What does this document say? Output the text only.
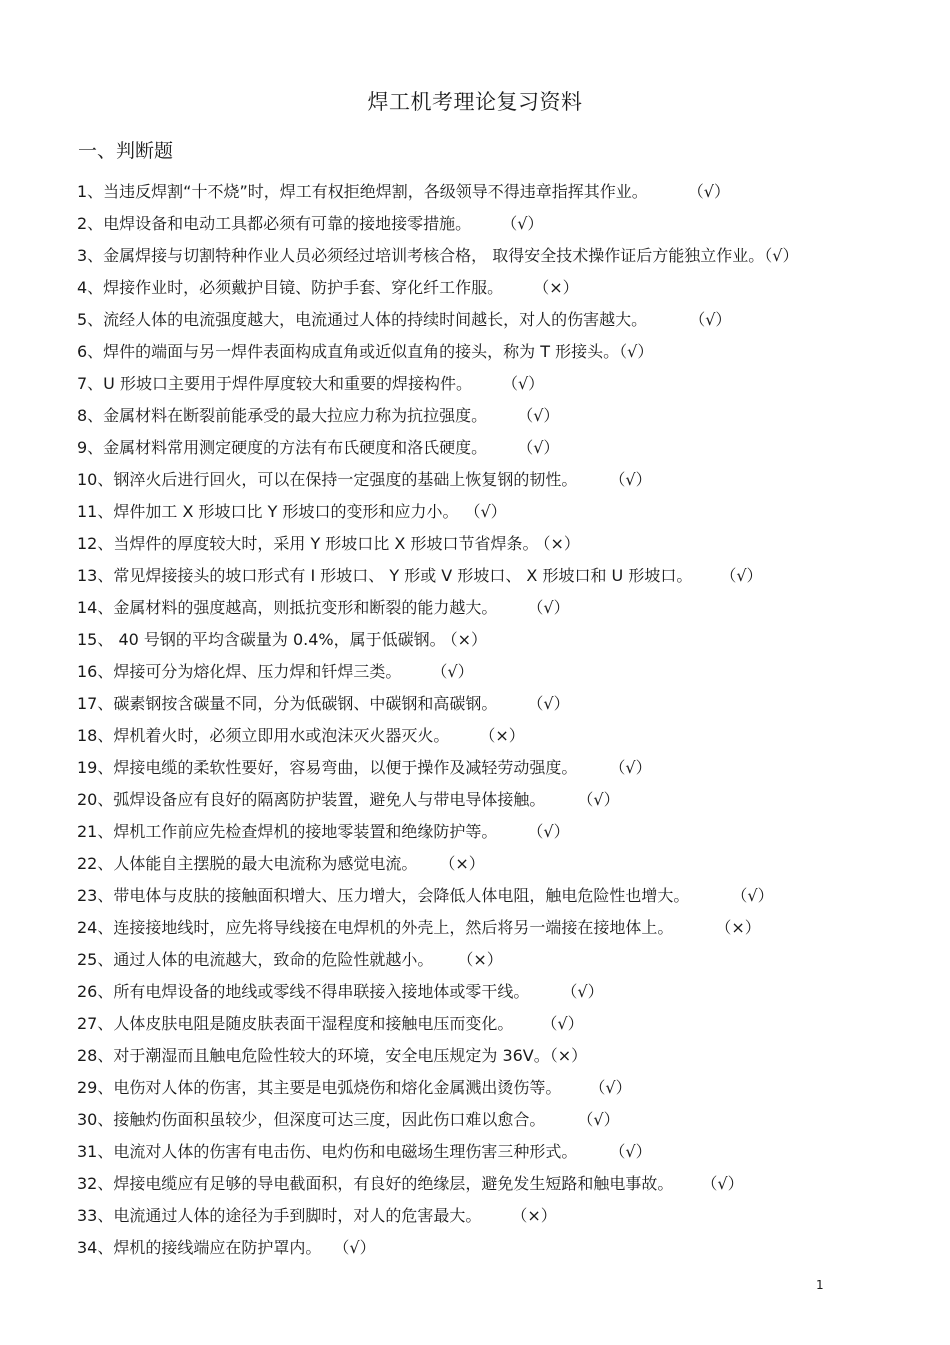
焊工机考理论复习资料
一、判断题
1、当违反焊割“十不烧”时，焊工有权拒绝焊割，各级领导不得违章指挥其作业。	（√）
2、电焊设备和电动工具都必须有可靠的接地接零措施。 （√）
3、金属焊接与切割特种作业人员必须经过培训考核合格， 取得安全技术操作证后方能独立作业。（√）
4、焊接作业时，必须戴护目镜、防护手套、穿化纤工作服。 （×）
5、流经人体的电流强度越大，电流通过人体的持续时间越长，对人的伤害越大。	（√）
6、焊件的端面与另一焊件表面构成直角或近似直角的接头，称为 T 形接头。（√）
7、U 形坡口主要用于焊件厚度较大和重要的焊接构件。 （√）
8、金属材料在断裂前能承受的最大拉应力称为抗拉强度。 （√）
9、金属材料常用测定硬度的方法有布氏硬度和洛氏硬度。 （√）
10、钢淬火后进行回火，可以在保持一定强度的基础上恢复钢的韧性。	（√）
11、焊件加工 X 形坡口比 Y 形坡口的变形和应力小。 （√）
12、当焊件的厚度较大时，采用 Y 形坡口比 X 形坡口节省焊条。 （×）
13、常见焊接接头的坡口形式有 I 形坡口、 Y 形或 V 形坡口、 X 形坡口和 U 形坡口。 （√）
14、金属材料的强度越高，则抵抗变形和断裂的能力越大。 （√）
15、 40 号钢的平均含碳量为 0.4%，属于低碳钢。 （×）
16、焊接可分为熔化焊、压力焊和钎焊三类。 （√）
17、碳素钢按含碳量不同，分为低碳钢、中碳钢和高碳钢。 （√）
18、焊机着火时，必须立即用水或泡沫灭火器灭火。 （×）
19、焊接电缆的柔软性要好，容易弯曲，以便于操作及减轻劳动强度。	（√）
20、弧焊设备应有良好的隔离防护装置，避免人与带电导体接触。	（√）
21、焊机工作前应先检查焊机的接地零装置和绝缘防护等。 （√）
22、人体能自主摆脱的最大电流称为感觉电流。 （×）
23、带电体与皮肤的接触面积增大、压力增大，会降低人体电阻，触电危险性也增大。	（√）
24、连接接地线时，应先将导线接在电焊机的外壳上，然后将另一端接在接地体上。	（×）
25、通过人体的电流越大，致命的危险性就越小。 （×）
26、所有电焊设备的地线或零线不得串联接入接地体或零干线。	（√）
27、人体皮肤电阻是随皮肤表面干湿程度和接触电压而变化。 （√）
28、对于潮湿而且触电危险性较大的环境，安全电压规定为 36V。（×）
29、电伤对人体的伤害，其主要是电弧烧伤和熔化金属溅出烫伤等。 （√）
30、接触灼伤面积虽较少，但深度可达三度，因此伤口难以愈合。	（√）
31、电流对人体的伤害有电击伤、电灼伤和电磁场生理伤害三种形式。	（√）
32、焊接电缆应有足够的导电截面积，有良好的绝缘层，避免发生短路和触电事故。 （√）
33、电流通过人体的途径为手到脚时，对人的危害最大。 （×）
34、焊机的接线端应在防护罩内。 （√）
1
